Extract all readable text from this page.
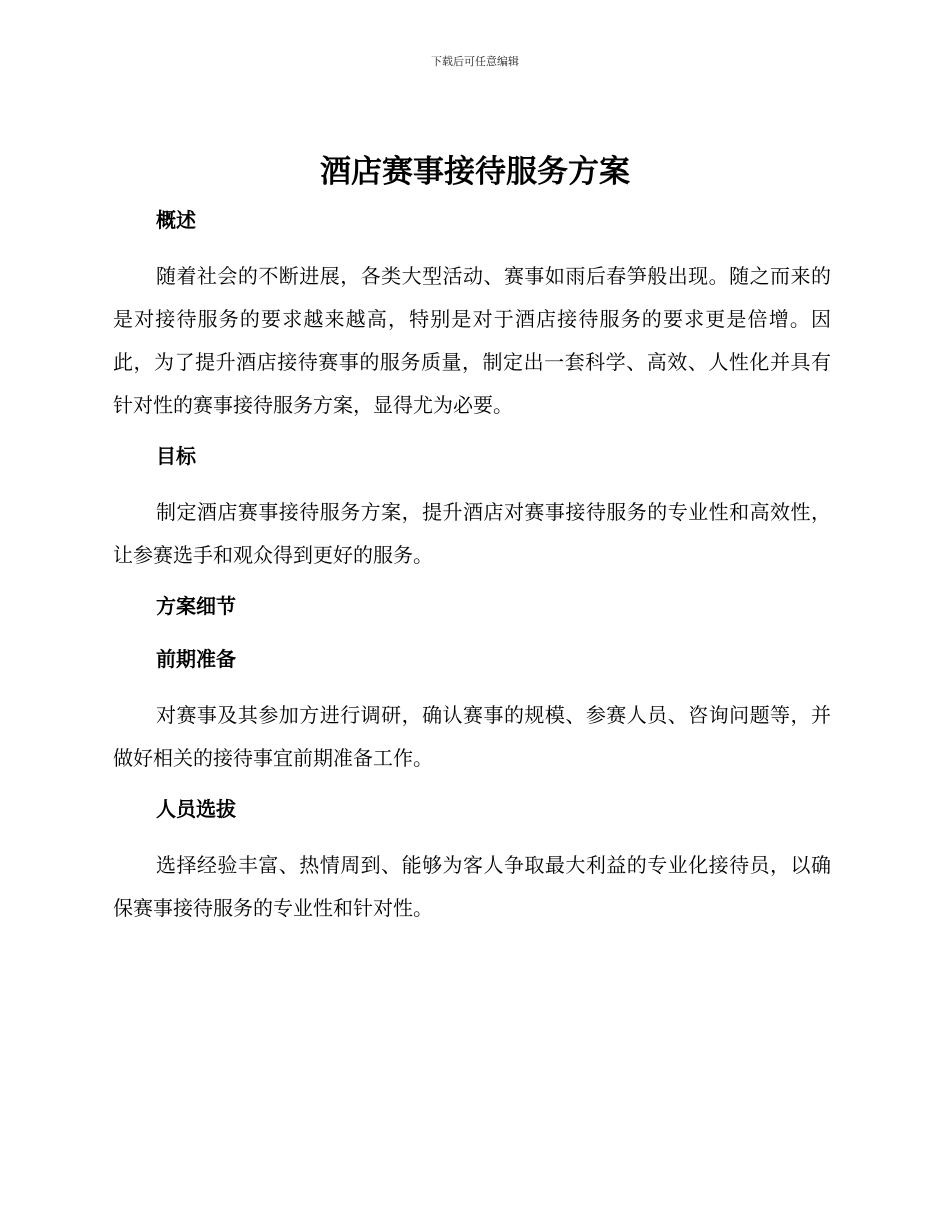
下载后可任意编辑
酒店赛事接待服务方案
概述

随着社会的不断进展，各类大型活动、赛事如雨后春笋般出现。随之而来的是对接待服务的要求越来越高，特别是对于酒店接待服务的要求更是倍增。因此，为了提升酒店接待赛事的服务质量，制定出一套科学、高效、人性化并具有针对性的赛事接待服务方案，显得尤为必要。

目标

制定酒店赛事接待服务方案，提升酒店对赛事接待服务的专业性和高效性，让参赛选手和观众得到更好的服务。

方案细节
前期准备

对赛事及其参加方进行调研，确认赛事的规模、参赛人员、咨询问题等，并做好相关的接待事宜前期准备工作。

人员选拔

选择经验丰富、热情周到、能够为客人争取最大利益的专业化接待员，以确保赛事接待服务的专业性和针对性。
